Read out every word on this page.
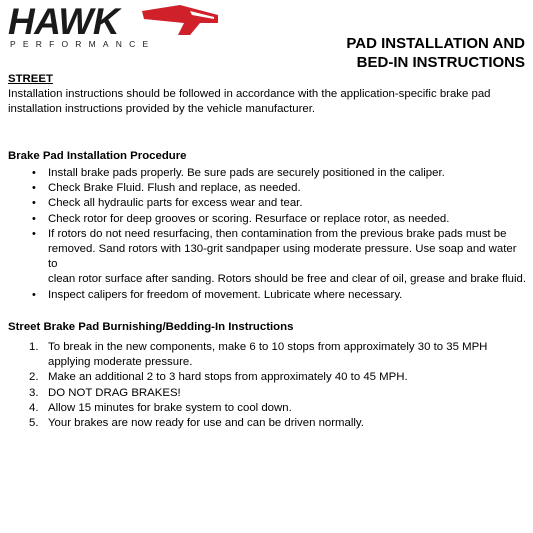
HAWK
PERFORMANCE	PAD INSTALLATION AND
BED-IN INSTRUCTIONS
STREET
Installation instructions should be followed in accordance with the application-specific brake pad
installation instructions provided by the vehicle manufacturer.
Brake Pad Installation Procedure
• Install brake pads properly. Be sure pads are securely positioned in the caliper.
• Check Brake Fluid. Flush and replace, as needed.
• Check all hydraulic parts for excess wear and tear.
• Check rotor for deep grooves or scoring. Resurface or replace rotor, as needed.
• If rotors do not need resurfacing, then contamination from the previous brake pads must be
removed. Sand rotors with 130-grit sandpaper using moderate pressure. Use soap and water to
clean rotor surface after sanding. Rotors should be free and clear of oil, grease and brake fluid.
• Inspect calipers for freedom of movement. Lubricate where necessary.
Street Brake Pad Burnishing/Bedding-In Instructions
1. To break in the new components, make 6 to 10 stops from approximately 30 to 35 MPH
applying moderate pressure.
2. Make an additional 2 to 3 hard stops from approximately 40 to 45 MPH.
3. DO NOT DRAG BRAKES!
4. Allow 15 minutes for brake system to cool down.
5. Your brakes are now ready for use and can be driven normally.
